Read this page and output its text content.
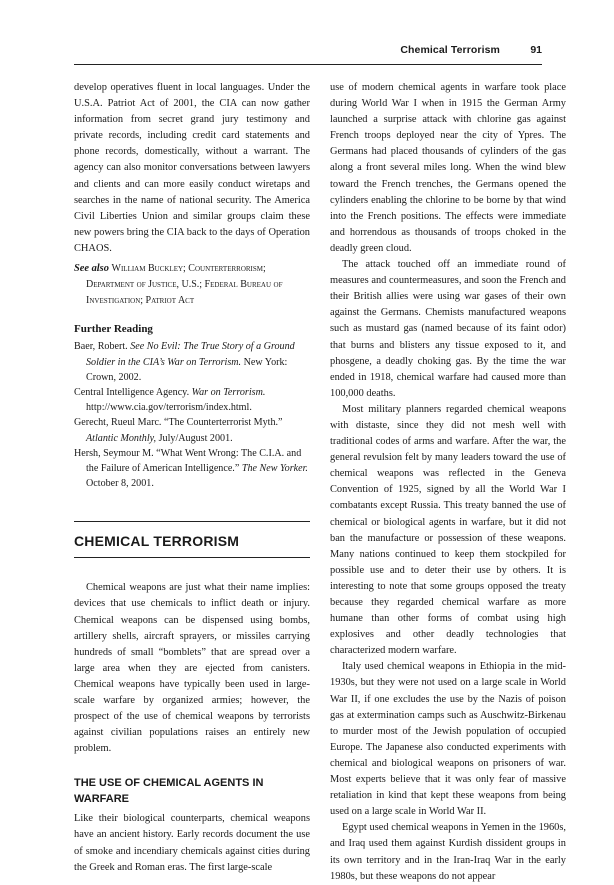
Chemical Terrorism	91

develop operatives fluent in local languages. Under the U.S.A. Patriot Act of 2001, the CIA can now gather information from secret grand jury testimony and private records, including credit card statements and phone records, domestically, without a warrant. The agency can also monitor conversations between lawyers and clients and can more easily conduct wiretaps and searches in the name of national security. The America Civil Liberties Union and similar groups claim these new powers bring the CIA back to the days of Operation CHAOS.

See also William Buckley; Counterterrorism; Department of Justice, U.S.; Federal Bureau of Investigation; Patriot Act
Further Reading
Baer, Robert. See No Evil: The True Story of a Ground Soldier in the CIA’s War on Terrorism. New York: Crown, 2002.
Central Intelligence Agency. War on Terrorism. http://www.cia.gov/terrorism/index.html.
Gerecht, Rueul Marc. “The Counterterrorist Myth.” Atlantic Monthly, July/August 2001.
Hersh, Seymour M. “What Went Wrong: The C.I.A. and the Failure of American Intelligence.” The New Yorker. October 8, 2001.
CHEMICAL TERRORISM

Chemical weapons are just what their name implies: devices that use chemicals to inflict death or injury. Chemical weapons can be dispensed using bombs, artillery shells, aircraft sprayers, or missiles carrying hundreds of small “bomblets” that are spread over a large area when they are ejected from canisters. Chemical weapons have typically been used in large-scale warfare by organized armies; however, the prospect of the use of chemical weapons by terrorists against civilian populations raises an entirely new problem.

THE USE OF CHEMICAL AGENTS IN WARFARE

Like their biological counterparts, chemical weapons have an ancient history. Early records document the use of smoke and incendiary chemicals against cities during the Greek and Roman eras. The first large-scale

use of modern chemical agents in warfare took place during World War I when in 1915 the German Army launched a surprise attack with chlorine gas against French troops deployed near the city of Ypres. The Germans had placed thousands of cylinders of the gas along a front several miles long. When the wind blew toward the French trenches, the Germans opened the cylinders enabling the chlorine to be borne by that wind into the French positions. The effects were immediate and horrendous as thousands of troops choked in the deadly green cloud.

The attack touched off an immediate round of measures and countermeasures, and soon the French and their British allies were using war gases of their own against the Germans. Chemists manufactured weapons such as mustard gas (named because of its faint odor) that burns and blisters any tissue exposed to it, and phosgene, a deadly choking gas. By the time the war ended in 1918, chemical warfare had caused more than 100,000 deaths.

Most military planners regarded chemical weapons with distaste, since they did not mesh well with traditional codes of arms and warfare. After the war, the general revulsion felt by many leaders toward the use of chemical weapons was reflected in the Geneva Convention of 1925, signed by all the World War I combatants except Russia. This treaty banned the use of chemical or biological agents in warfare, but it did not ban the manufacture or possession of these weapons. Many nations continued to keep them stockpiled for possible use and to deter their use by others. It is interesting to note that some groups opposed the treaty because they regarded chemical warfare as more humane than other forms of combat using high explosives and other deadly technologies that characterized modern warfare.

Italy used chemical weapons in Ethiopia in the mid-1930s, but they were not used on a large scale in World War II, if one excludes the use by the Nazis of poison gas at extermination camps such as Auschwitz-Birkenau to murder most of the Jewish population of occupied Europe. The Japanese also conducted experiments with chemical and biological weapons on prisoners of war. Most experts believe that it was only fear of massive retaliation in kind that kept these weapons from being used on a large scale in World War II.

Egypt used chemical weapons in Yemen in the 1960s, and Iraq used them against Kurdish dissident groups in its own territory and in the Iran-Iraq War in the early 1980s, but these weapons do not appear
